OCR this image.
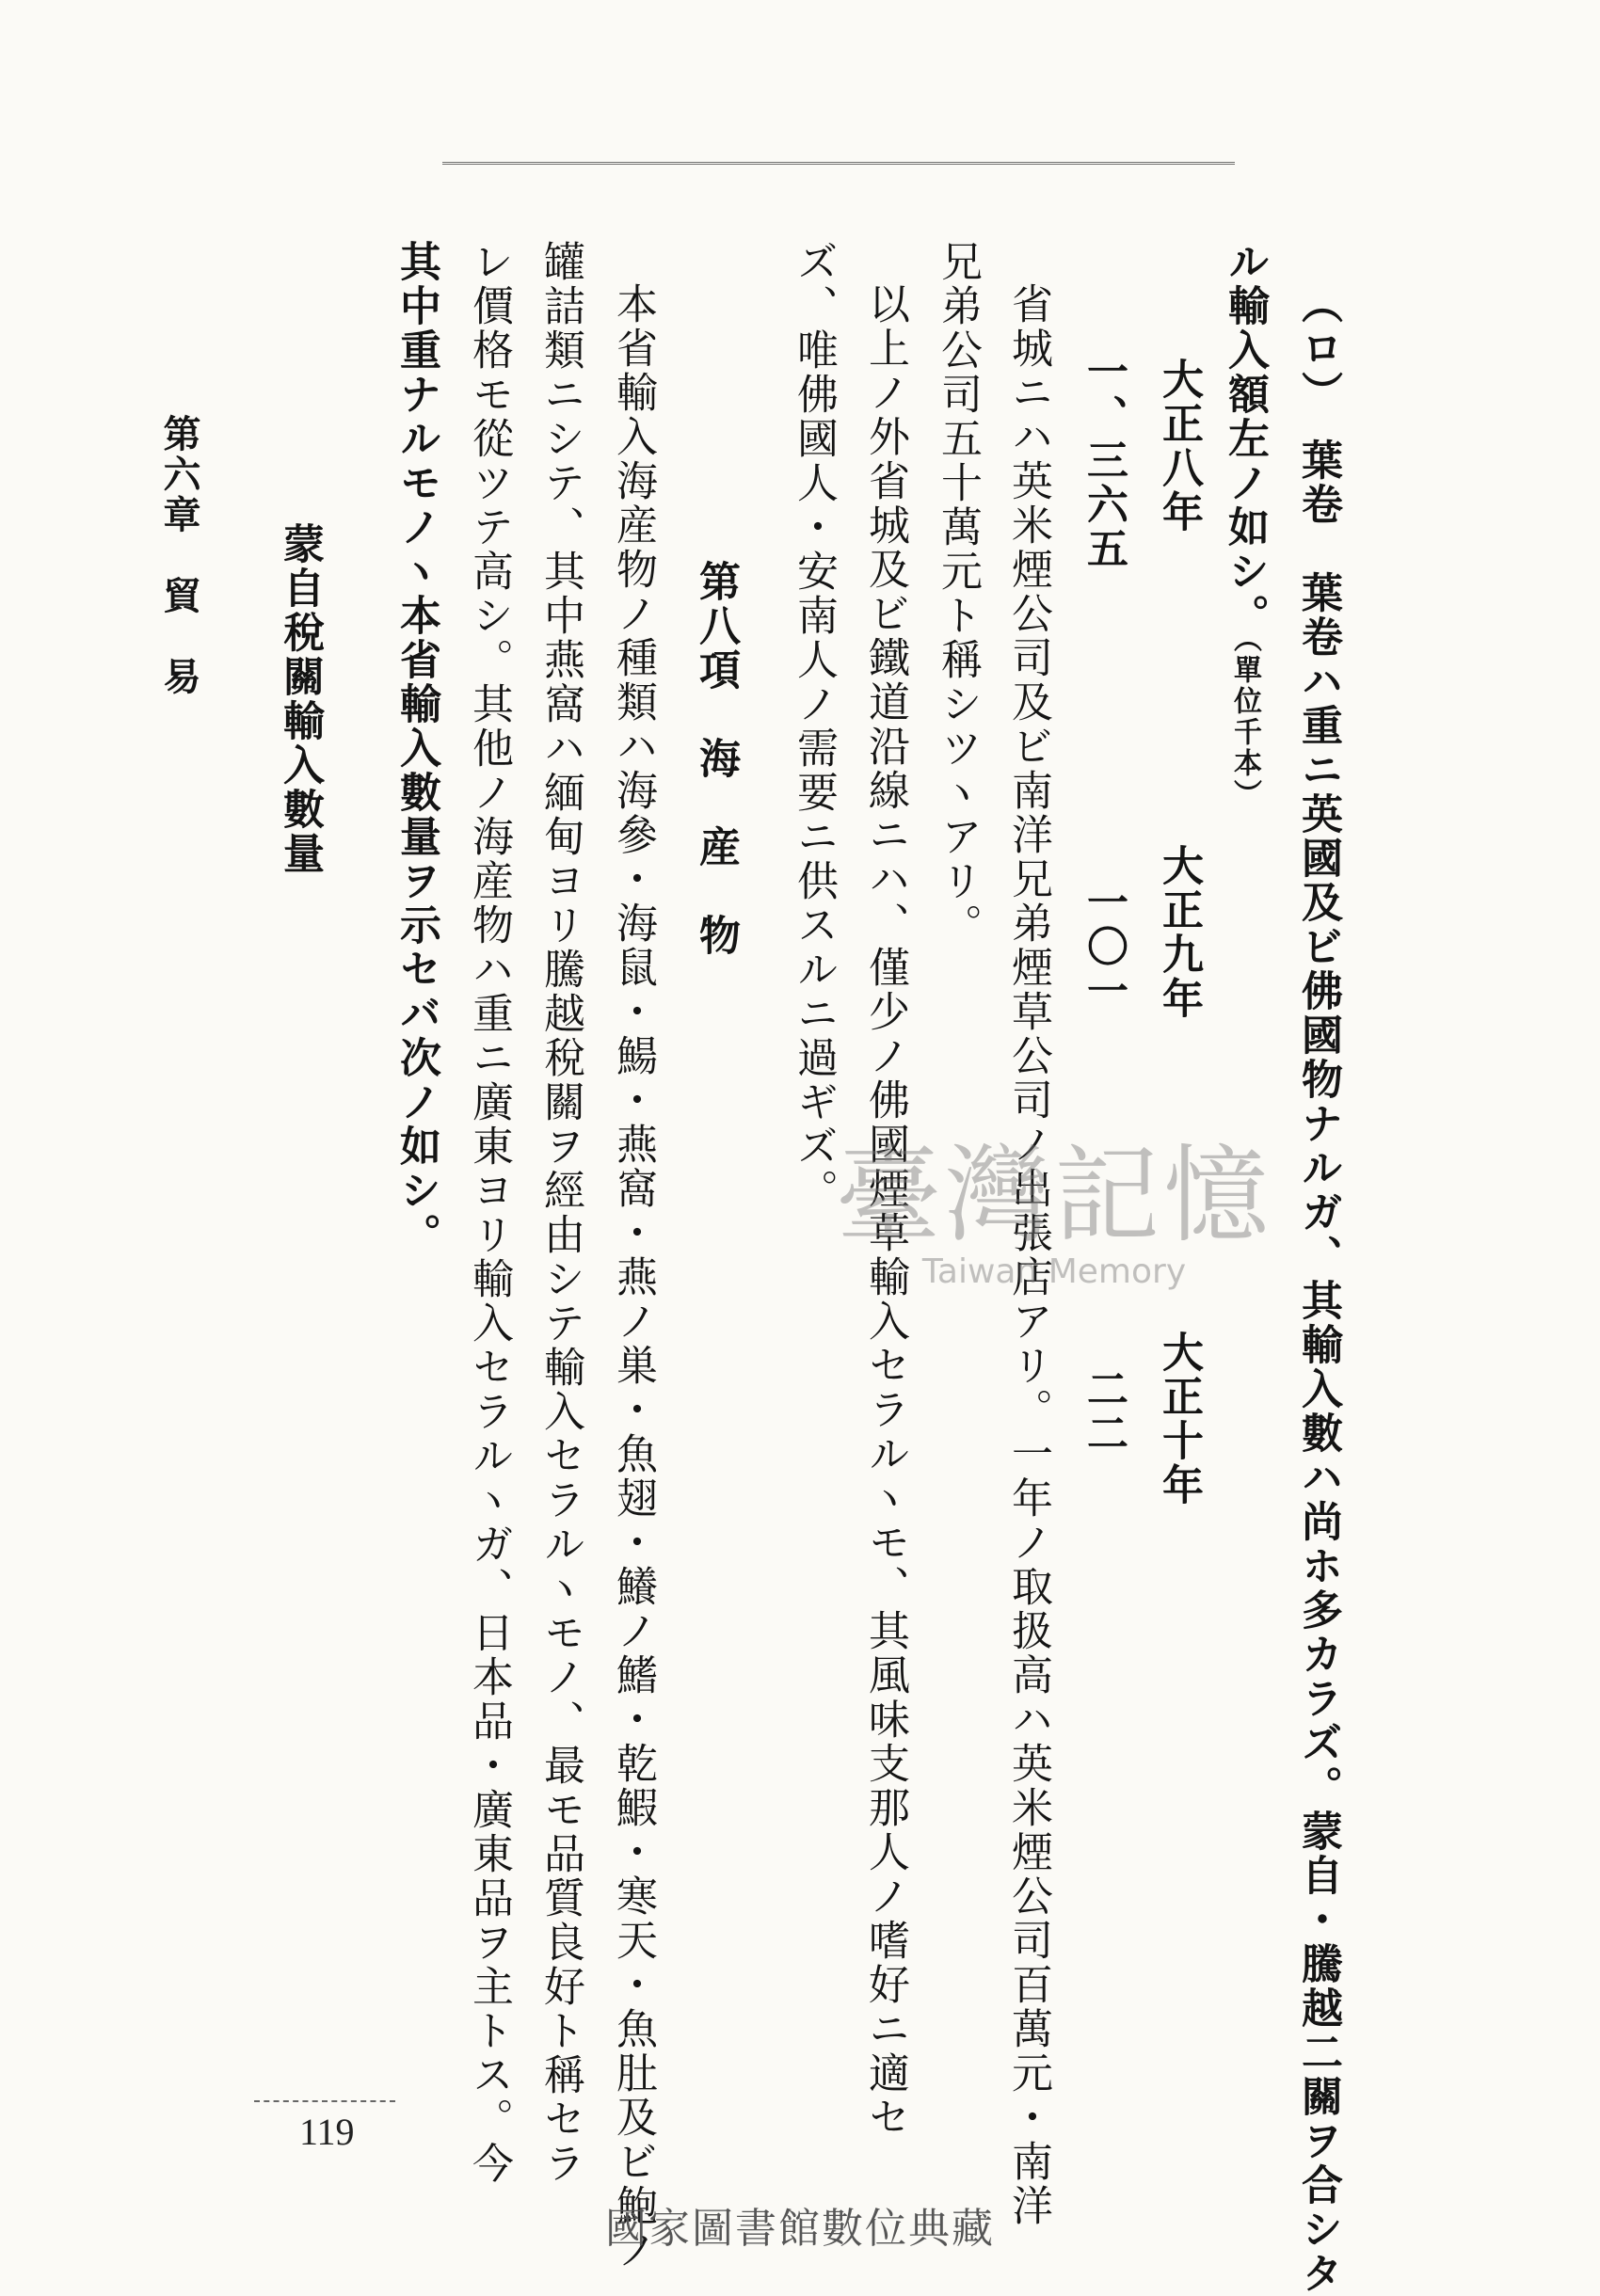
（ロ）　葉卷　葉卷ハ重ニ英國及ビ佛國物ナルガ、其輸入數ハ尚ホ多カラズ。蒙自・騰越二關ヲ合シタ
ル輸入額左ノ如シ。（單位千本）
大正八年　　　　　　　大正九年　　　　　　　大正十年
一、三六五　　　　　　　一〇一　　　　　　　　二二
省城ニハ英米煙公司及ビ南洋兄弟煙草公司ノ出張店アリ。一年ノ取扱高ハ英米煙公司百萬元・南洋
兄弟公司五十萬元ト稱シツヽアリ。
以上ノ外省城及ビ鐵道沿線ニハ、僅少ノ佛國煙草輸入セラルヽモ、其風味支那人ノ嗜好ニ適セ
ズ、唯佛國人・安南人ノ需要ニ供スルニ過ギズ。
第八項　海　産　物
本省輸入海産物ノ種類ハ海參・海鼠・鰑・燕窩・燕ノ巣・魚翅・鱶ノ鰭・乾鰕・寒天・魚肚及ビ鮑ノ
罐詰類ニシテ、其中燕窩ハ緬甸ヨリ騰越稅關ヲ經由シテ輸入セラルヽモノ、最モ品質良好ト稱セラ
レ價格モ從ツテ高シ。其他ノ海産物ハ重ニ廣東ヨリ輸入セラルヽガ、日本品・廣東品ヲ主トス。今
其中重ナルモノヽ本省輸入數量ヲ示セバ次ノ如シ。
蒙自稅關輸入數量
第六章　貿　易
119
臺灣記憶
Taiwan Memory
國家圖書館數位典藏
